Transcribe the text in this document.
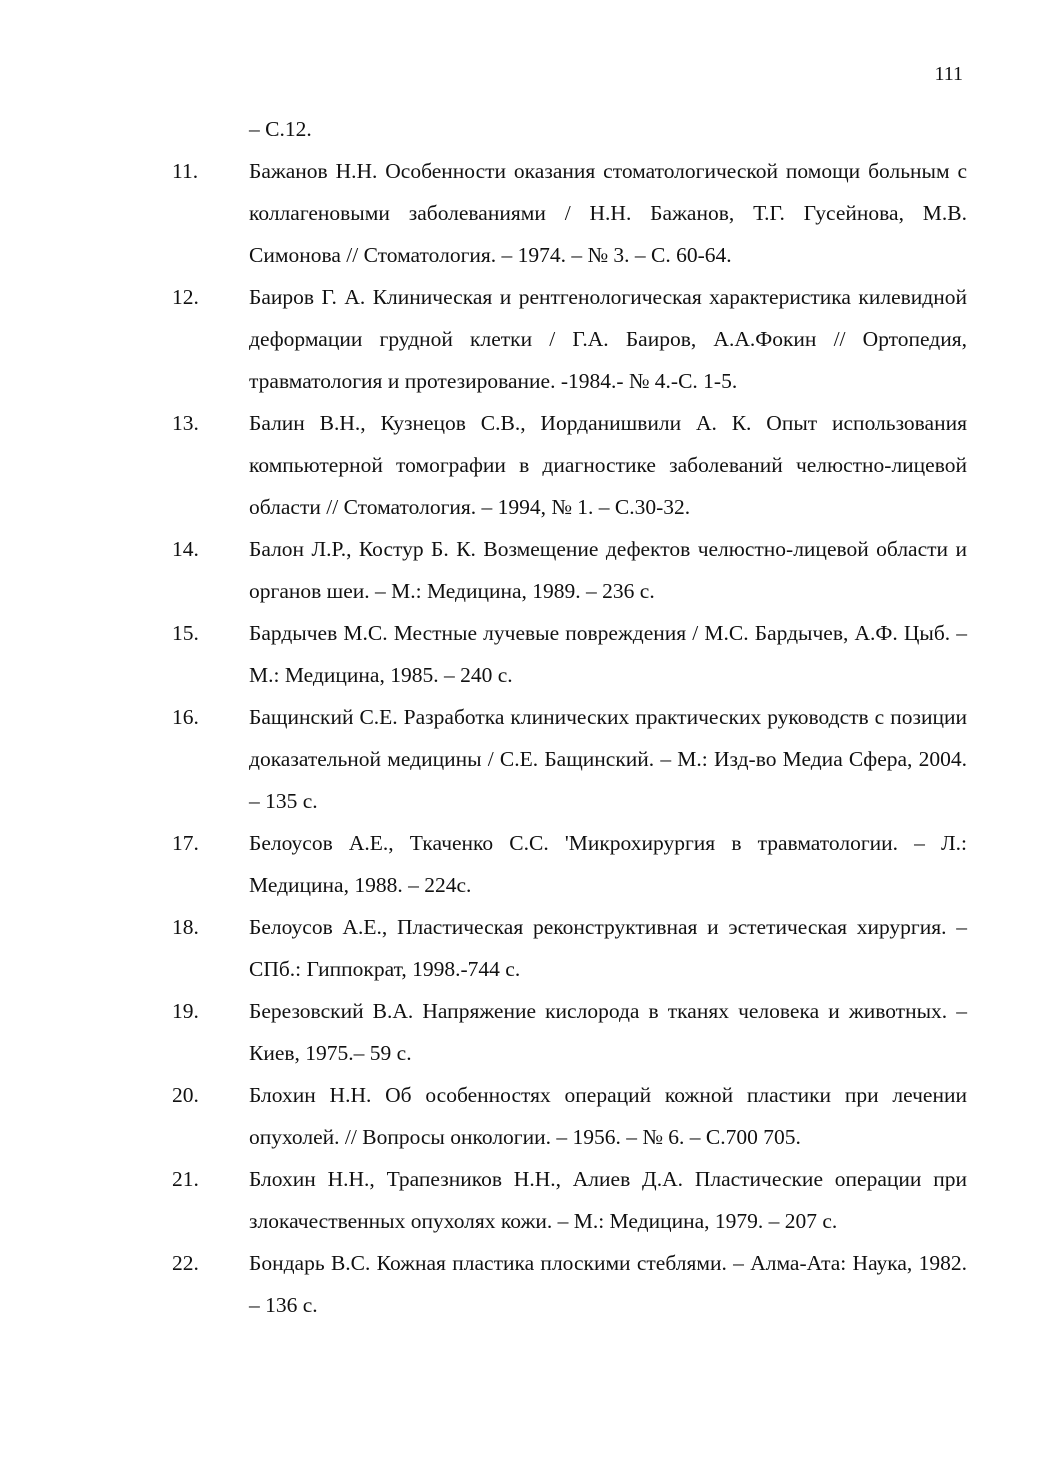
111
– С.12.
11.	Бажанов Н.Н. Особенности оказания стоматологической помощи больным с коллагеновыми заболеваниями / Н.Н. Бажанов, Т.Г. Гусейнова, М.В. Симонова // Стоматология. – 1974. – № 3. – С. 60-64.
12.	Баиров Г. А. Клиническая и рентгенологическая характеристика килевидной деформации грудной клетки / Г.А. Баиров, А.А.Фокин // Ортопедия, травматология и протезирование. -1984.- № 4.-С. 1-5.
13.	Балин В.Н., Кузнецов С.В., Иорданишвили А. К. Опыт использования компьютерной томографии в диагностике заболеваний челюстно-лицевой области // Стоматология. – 1994, № 1. – С.30-32.
14.	Балон Л.Р., Костур Б. К. Возмещение дефектов челюстно-лицевой области и органов шеи. – М.: Медицина, 1989. – 236 с.
15.	Бардычев М.С. Местные лучевые повреждения / М.С. Бардычев, А.Ф. Цыб. – М.: Медицина, 1985. – 240 с.
16.	Бащинский С.Е. Разработка клинических практических руководств с позиции доказательной медицины / С.Е. Бащинский. – М.: Изд-во Медиа Сфера, 2004. – 135 с.
17.	Белоусов А.Е., Ткаченко С.С. 'Микрохирургия в травматологии. – Л.: Медицина, 1988. – 224с.
18.	Белоусов А.Е., Пластическая реконструктивная и эстетическая хирургия. – СПб.: Гиппократ, 1998.-744 с.
19.	Березовский В.А. Напряжение кислорода в тканях человека и животных. – Киев, 1975.– 59 с.
20.	Блохин Н.Н. Об особенностях операций кожной пластики при лечении опухолей. // Вопросы онкологии. – 1956. – № 6. – С.700 705.
21.	Блохин Н.Н., Трапезников Н.Н., Алиев Д.А. Пластические операции при злокачественных опухолях кожи. – М.: Медицина, 1979. – 207 с.
22.	Бондарь В.С. Кожная пластика плоскими стеблями. – Алма-Ата: Наука, 1982. – 136 с.
